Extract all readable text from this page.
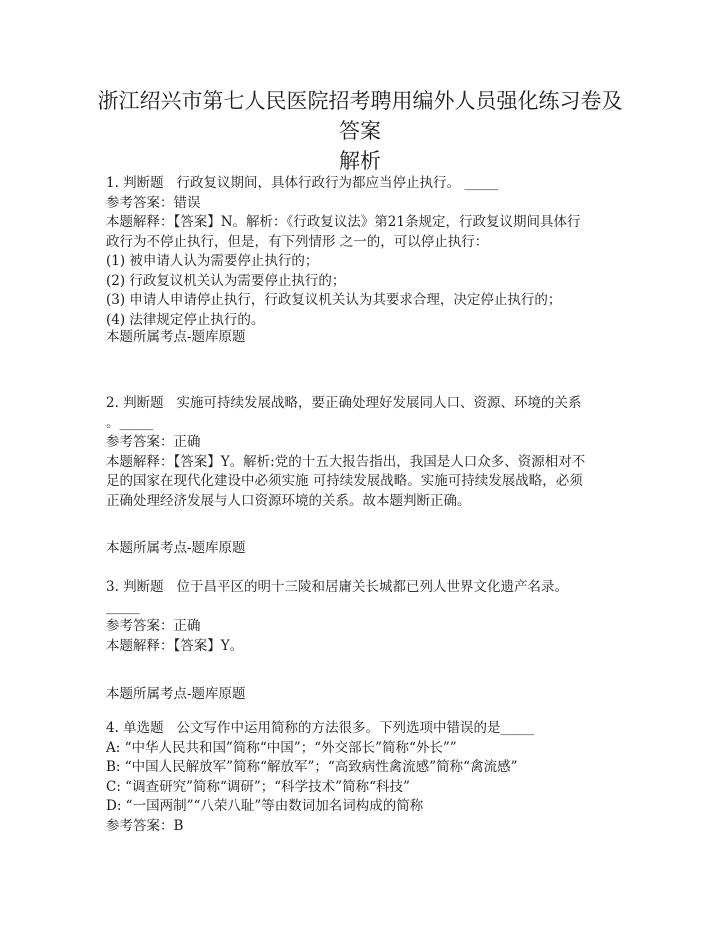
浙江绍兴市第七人民医院招考聘用编外人员强化练习卷及答案
解析
1. 判断题   行政复议期间，具体行政行为都应当停止执行。 _____
参考答案：错误
本题解释：【答案】N。解析：《行政复议法》第21条规定，行政复议期间具体行
政行为不停止执行，但是，有下列情形 之一的，可以停止执行：
(1) 被申请人认为需要停止执行的；
(2) 行政复议机关认为需要停止执行的；
(3) 申请人申请停止执行，行政复议机关认为其要求合理，决定停止执行的；
(4) 法律规定停止执行的。
本题所属考点-题库原题
2. 判断题   实施可持续发展战略，要正确处理好发展同人口、资源、环境的关系
。_____
参考答案：正确
本题解释：【答案】Y。解析:党的十五大报告指出，我国是人口众多、资源相对不
足的国家在现代化建设中必须实施 可持续发展战略。实施可持续发展战略，必须
正确处理经济发展与人口资源环境的关系。故本题判断正确。
本题所属考点-题库原题
3. 判断题   位于昌平区的明十三陵和居庸关长城都已列人世界文化遗产名录。
_____
参考答案：正确
本题解释：【答案】Y。
本题所属考点-题库原题
4. 单选题   公文写作中运用简称的方法很多。下列选项中错误的是_____
A: “中华人民共和国”简称“中国”；“外交部长”简称“外长””
B: “中国人民解放军”简称“解放军”；“高致病性禽流感”简称“禽流感”
C: “调查研究”简称“调研”；“科学技术”简称“科技”
D: “一国两制”“八荣八耻”等由数词加名词构成的简称
参考答案：B
